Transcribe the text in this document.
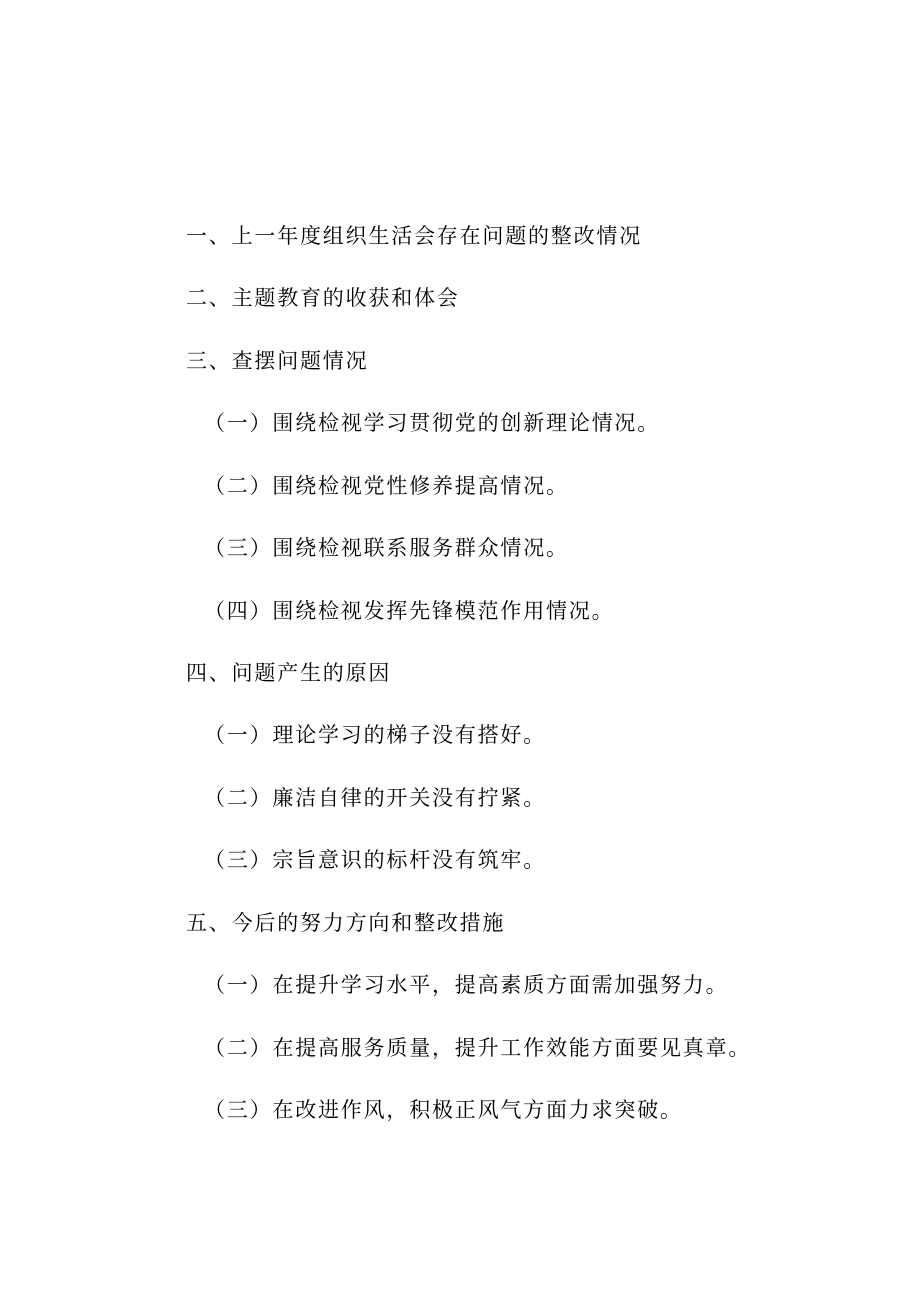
一、上一年度组织生活会存在问题的整改情况
二、主题教育的收获和体会
三、查摆问题情况
（一）围绕检视学习贯彻党的创新理论情况。
（二）围绕检视党性修养提高情况。
（三）围绕检视联系服务群众情况。
（四）围绕检视发挥先锋模范作用情况。
四、问题产生的原因
（一）理论学习的梯子没有搭好。
（二）廉洁自律的开关没有拧紧。
（三）宗旨意识的标杆没有筑牢。
五、今后的努力方向和整改措施
（一）在提升学习水平，提高素质方面需加强努力。
（二）在提高服务质量，提升工作效能方面要见真章。
（三）在改进作风，积极正风气方面力求突破。
